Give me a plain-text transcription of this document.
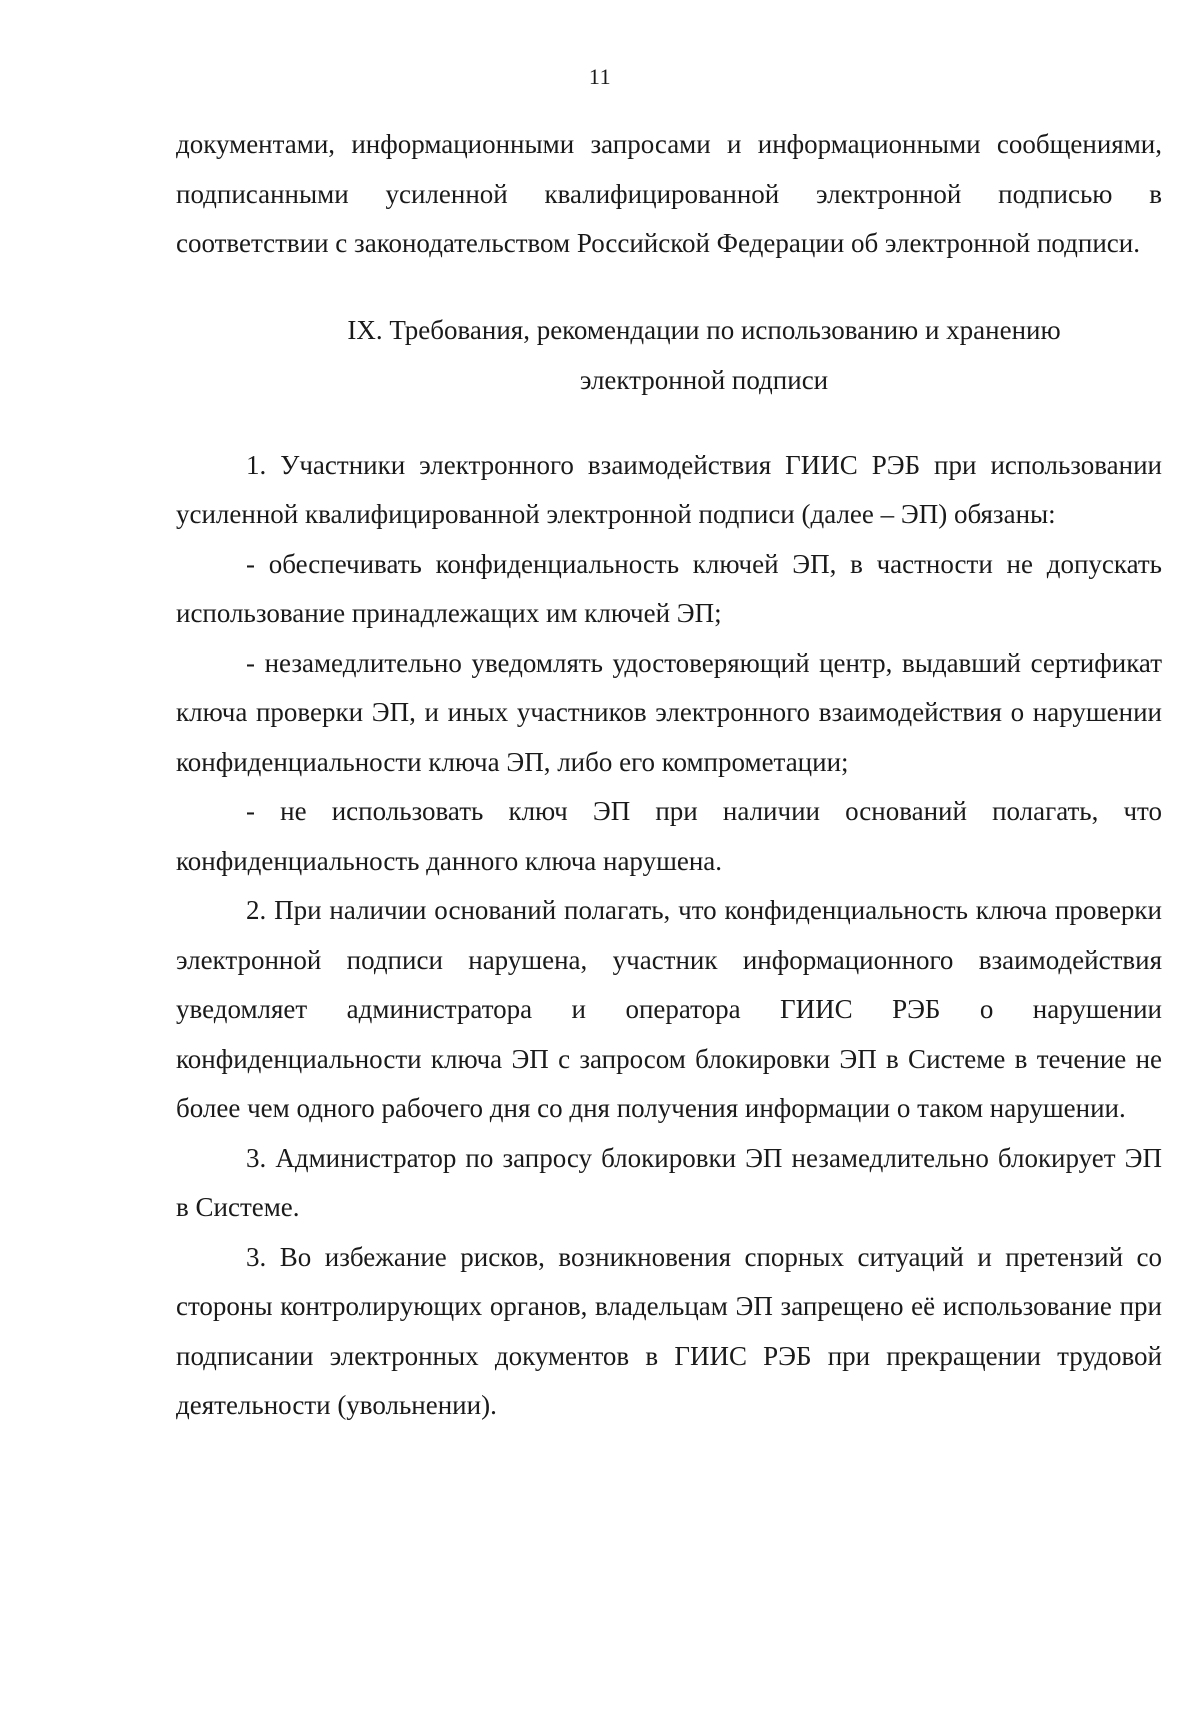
11

документами, информационными запросами и информационными сообщениями, подписанными усиленной квалифицированной электронной подписью в соответствии с законодательством Российской Федерации об электронной подписи.

IX. Требования, рекомендации по использованию и хранению
электронной подписи

1. Участники электронного взаимодействия ГИИС РЭБ при использовании усиленной квалифицированной электронной подписи (далее – ЭП) обязаны:

- обеспечивать конфиденциальность ключей ЭП, в частности не допускать использование принадлежащих им ключей ЭП;

- незамедлительно уведомлять удостоверяющий центр, выдавший сертификат ключа проверки ЭП, и иных участников электронного взаимодействия о нарушении конфиденциальности ключа ЭП, либо его компрометации;

- не использовать ключ ЭП при наличии оснований полагать, что конфиденциальность данного ключа нарушена.

2. При наличии оснований полагать, что конфиденциальность ключа проверки электронной подписи нарушена, участник информационного взаимодействия уведомляет администратора и оператора ГИИС РЭБ о нарушении конфиденциальности ключа ЭП с запросом блокировки ЭП в Системе в течение не более чем одного рабочего дня со дня получения информации о таком нарушении.

3. Администратор по запросу блокировки ЭП незамедлительно блокирует ЭП в Системе.

3. Во избежание рисков, возникновения спорных ситуаций и претензий со стороны контролирующих органов, владельцам ЭП запрещено её использование при подписании электронных документов в ГИИС РЭБ при прекращении трудовой деятельности (увольнении).
